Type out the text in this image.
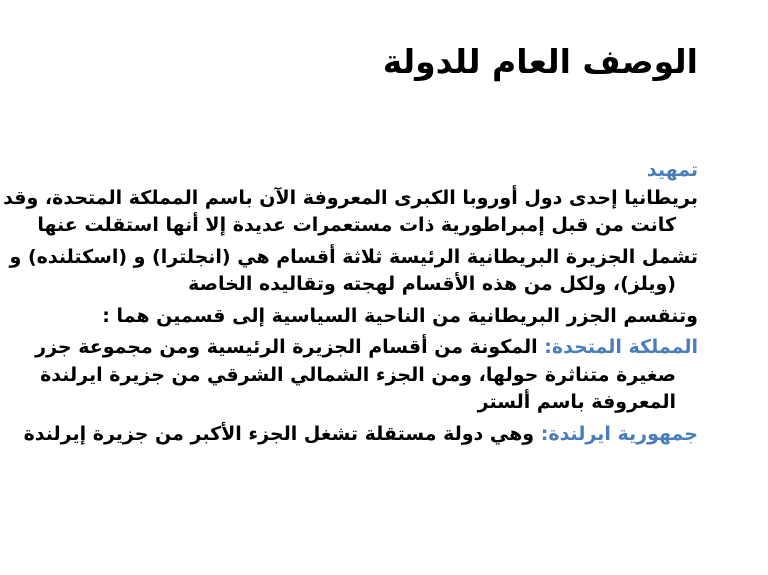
الوصف العام للدولة
تمهيد
بريطانيا إحدى دول أوروبا الكبرى المعروفة الآن باسم المملكة المتحدة، وقد
كانت من قبل إمبراطورية ذات مستعمرات عديدة إلا أنها استقلت عنها
تشمل الجزيرة البريطانية الرئيسة ثلاثة أقسام هي (انجلترا) و (اسكتلنده) و
(ويلز)، ولكل من هذه الأقسام لهجته وتقاليده الخاصة
وتنقسم الجزر البريطانية من الناحية السياسية إلى قسمين هما :
المملكة المتحدة: المكونة من أقسام الجزيرة الرئيسية ومن مجموعة جزر
صغيرة متناثرة حولها، ومن الجزء الشمالي الشرقي من جزيرة ايرلندة
المعروفة باسم ألستر
جمهورية ايرلندة: وهي دولة مستقلة تشغل الجزء الأكبر من جزيرة إيرلندة
